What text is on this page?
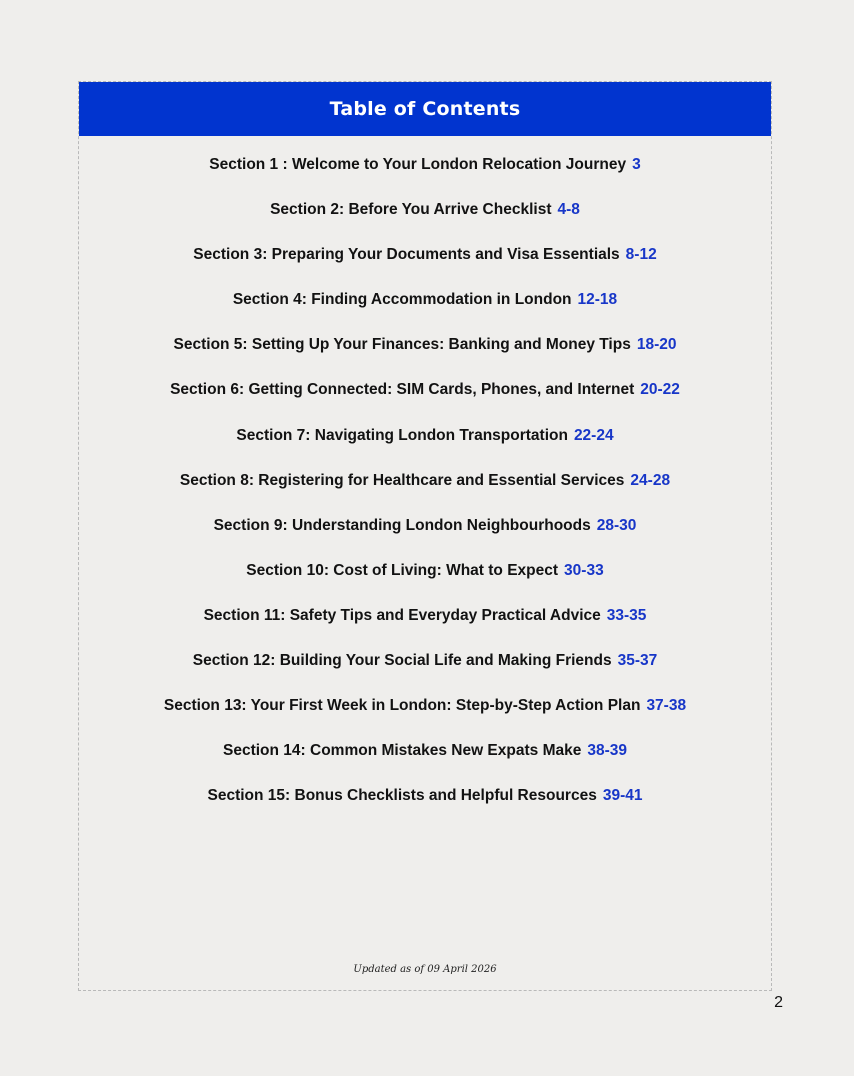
Table of Contents
Section 1 : Welcome to Your London Relocation Journey 3
Section 2: Before You Arrive Checklist 4-8
Section 3: Preparing Your Documents and Visa Essentials 8-12
Section 4: Finding Accommodation in London 12-18
Section 5: Setting Up Your Finances: Banking and Money Tips 18-20
Section 6: Getting Connected: SIM Cards, Phones, and Internet 20-22
Section 7: Navigating London Transportation 22-24
Section 8: Registering for Healthcare and Essential Services 24-28
Section 9: Understanding London Neighbourhoods 28-30
Section 10: Cost of Living: What to Expect 30-33
Section 11: Safety Tips and Everyday Practical Advice 33-35
Section 12: Building Your Social Life and Making Friends 35-37
Section 13: Your First Week in London: Step-by-Step Action Plan 37-38
Section 14: Common Mistakes New Expats Make 38-39
Section 15: Bonus Checklists and Helpful Resources 39-41
Updated as of 09 April 2026
2
